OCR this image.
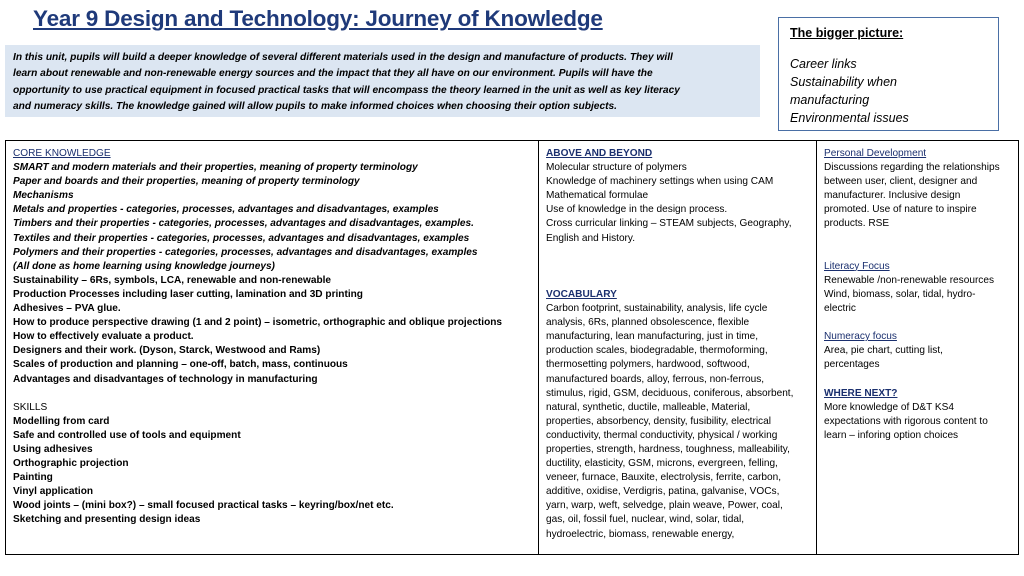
Year 9 Design and Technology: Journey of Knowledge
In this unit, pupils will build a deeper knowledge of several different materials used in the design and manufacture of products. They will
learn about renewable and non-renewable energy sources and the impact that they all have on our environment. Pupils will have the
opportunity to use practical equipment in focused practical tasks that will encompass the theory learned in the unit as well as key literacy
and numeracy skills. The knowledge gained will allow pupils to make informed choices when choosing their option subjects.
The bigger picture:
Career links
Sustainability when
manufacturing
Environmental issues
CORE KNOWLEDGE
SMART and modern materials and their properties, meaning of property terminology
Paper and boards and their properties, meaning of property terminology
Mechanisms
Metals and properties - categories, processes, advantages and disadvantages, examples
Timbers and their properties - categories, processes, advantages and disadvantages, examples.
Textiles and their properties - categories, processes, advantages and disadvantages, examples
Polymers and their properties - categories, processes, advantages and disadvantages, examples
(All done as home learning using knowledge journeys)
Sustainability – 6Rs, symbols, LCA, renewable and non-renewable
Production Processes including laser cutting, lamination and 3D printing
Adhesives – PVA glue.
How to produce perspective drawing (1 and 2 point) – isometric, orthographic and oblique projections
How to effectively evaluate a product.
Designers and their work. (Dyson, Starck, Westwood and Rams)
Scales of production and planning – one-off, batch, mass, continuous
Advantages and disadvantages of technology in manufacturing
SKILLS
Modelling from card
Safe and controlled use of tools and equipment
Using adhesives
Orthographic projection
Painting
Vinyl application
Wood joints – (mini box?) – small focused practical tasks – keyring/box/net etc.
Sketching and presenting design ideas
ABOVE AND BEYOND
Molecular structure of polymers
Knowledge of machinery settings when using CAM
Mathematical formulae
Use of knowledge in the design process.
Cross curricular linking – STEAM subjects, Geography,
English and History.
VOCABULARY
Carbon footprint, sustainability, analysis, life cycle
analysis, 6Rs, planned obsolescence, flexible
manufacturing, lean manufacturing, just in time,
production scales, biodegradable, thermoforming,
thermosetting polymers, hardwood, softwood,
manufactured boards, alloy, ferrous, non-ferrous,
stimulus, rigid, GSM, deciduous, coniferous, absorbent,
natural, synthetic, ductile, malleable, Material,
properties, absorbency, density, fusibility, electrical
conductivity, thermal conductivity, physical / working
properties, strength, hardness, toughness, malleability,
ductility, elasticity, GSM, microns, evergreen, felling,
veneer, furnace, Bauxite, electrolysis, ferrite, carbon,
additive, oxidise, Verdigris, patina, galvanise, VOCs,
yarn, warp, weft, selvedge, plain weave, Power, coal,
gas, oil, fossil fuel, nuclear, wind, solar, tidal,
hydroelectric, biomass, renewable energy,
Personal Development
Discussions regarding the relationships
between user, client, designer and
manufacturer. Inclusive design
promoted. Use of nature to inspire
products. RSE
Literacy Focus
Renewable /non-renewable resources
Wind, biomass, solar, tidal, hydro-
electric
Numeracy focus
Area, pie chart, cutting list,
percentages
WHERE NEXT?
More knowledge of D&T KS4
expectations with rigorous content to
learn – inforing option choices
